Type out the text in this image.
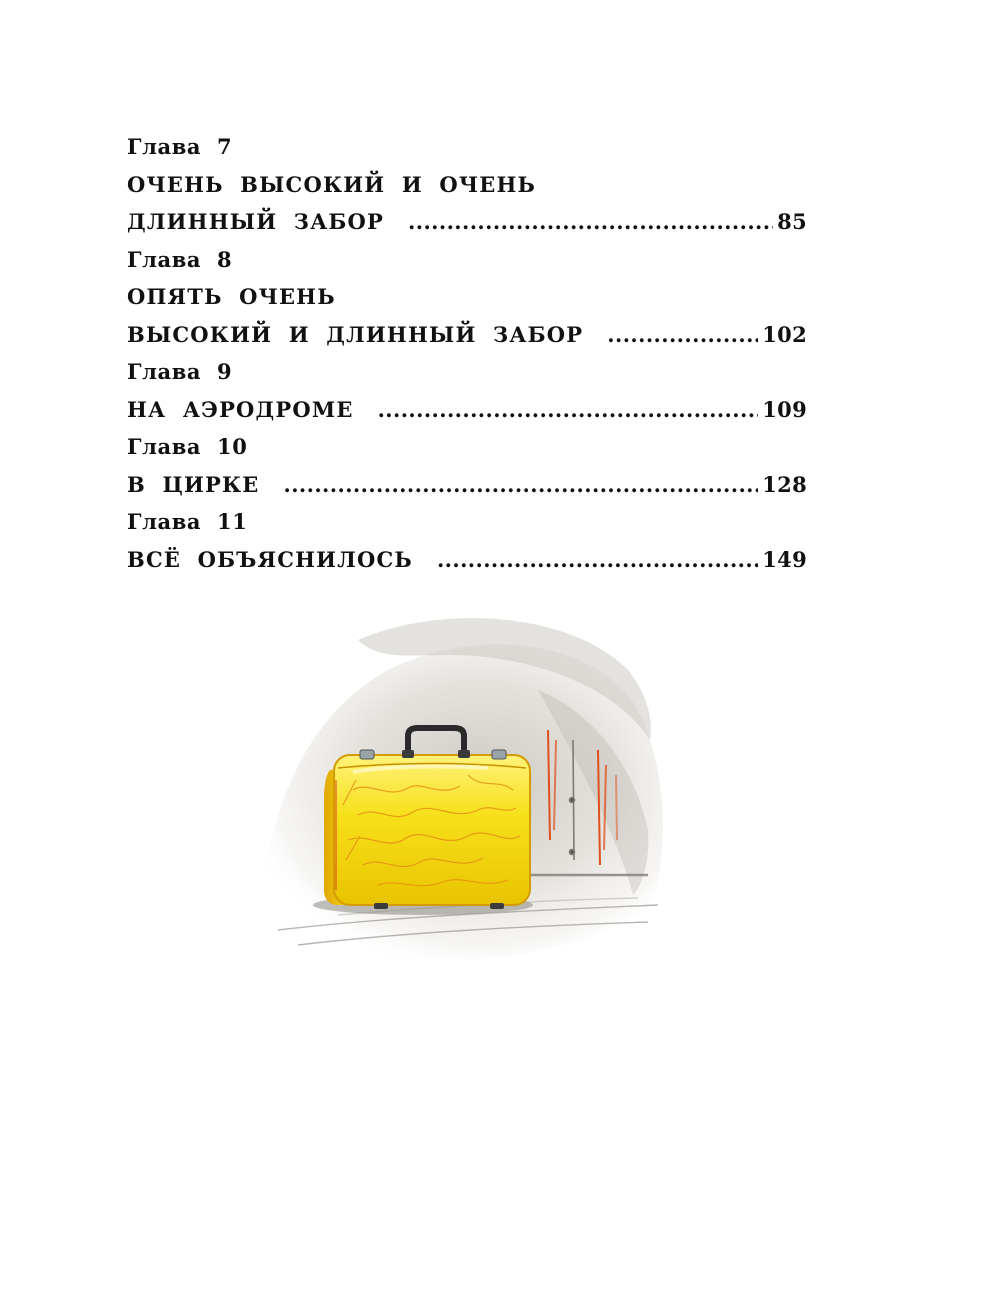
Глава 7
ОЧЕНЬ ВЫСОКИЙ И ОЧЕНЬ
ДЛИННЫЙ ЗАБОР .....	85
Глава 8
ОПЯТЬ ОЧЕНЬ
ВЫСОКИЙ И ДЛИННЫЙ ЗАБОР .....	102
Глава 9
НА АЭРОДРОМЕ .....	109
Глава 10
В ЦИРКЕ .....	128
Глава 11
ВСЁ ОБЪЯСНИЛОСЬ .....	149
